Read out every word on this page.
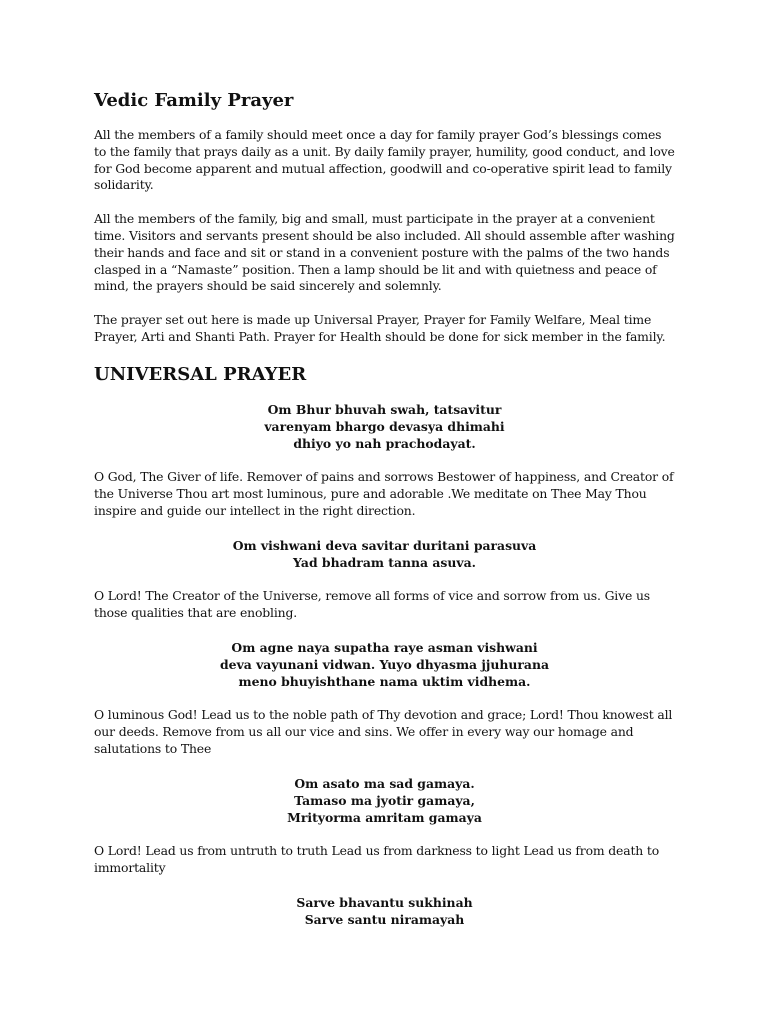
Vedic Family Prayer

All the members of a family should meet once a day for family prayer God’s blessings comes to the family that prays daily as a unit. By daily family prayer, humility, good conduct, and love for God become apparent and mutual affection, goodwill and co-operative spirit lead to family solidarity.

All the members of the family, big and small, must participate in the prayer at a convenient time. Visitors and servants present should be also included. All should assemble after washing their hands and face and sit or stand in a convenient posture with the palms of the two hands clasped in a “Namaste” position. Then a lamp should be lit and with quietness and peace of mind, the prayers should be said sincerely and solemnly.

The prayer set out here is made up Universal Prayer, Prayer for Family Welfare, Meal time Prayer, Arti and Shanti Path. Prayer for Health should be done for sick member in the family.

UNIVERSAL PRAYER
Om Bhur bhuvah swah, tatsavitur
varenyam bhargo devasya dhimahi
dhiyo yo nah prachodayat.

O God, The Giver of life. Remover of pains and sorrows Bestower of happiness, and Creator of the Universe Thou art most luminous, pure and adorable .We meditate on Thee May Thou inspire and guide our intellect in the right direction.

Om vishwani deva savitar duritani parasuva
Yad bhadram tanna asuva.

O Lord! The Creator of the Universe, remove all forms of vice and sorrow from us. Give us those qualities that are enobling.

Om agne naya supatha raye asman vishwani
deva vayunani vidwan. Yuyo dhyasma jjuhurana
meno bhuyishthane nama uktim vidhema.

O luminous God! Lead us to the noble path of Thy devotion and grace; Lord! Thou knowest all our deeds. Remove from us all our vice and sins. We offer in every way our homage and salutations to Thee

Om asato ma sad gamaya.
Tamaso ma jyotir gamaya,
Mrityorma amritam gamaya

O Lord! Lead us from untruth to truth Lead us from darkness to light Lead us from death to immortality

Sarve bhavantu sukhinah
Sarve santu niramayah
